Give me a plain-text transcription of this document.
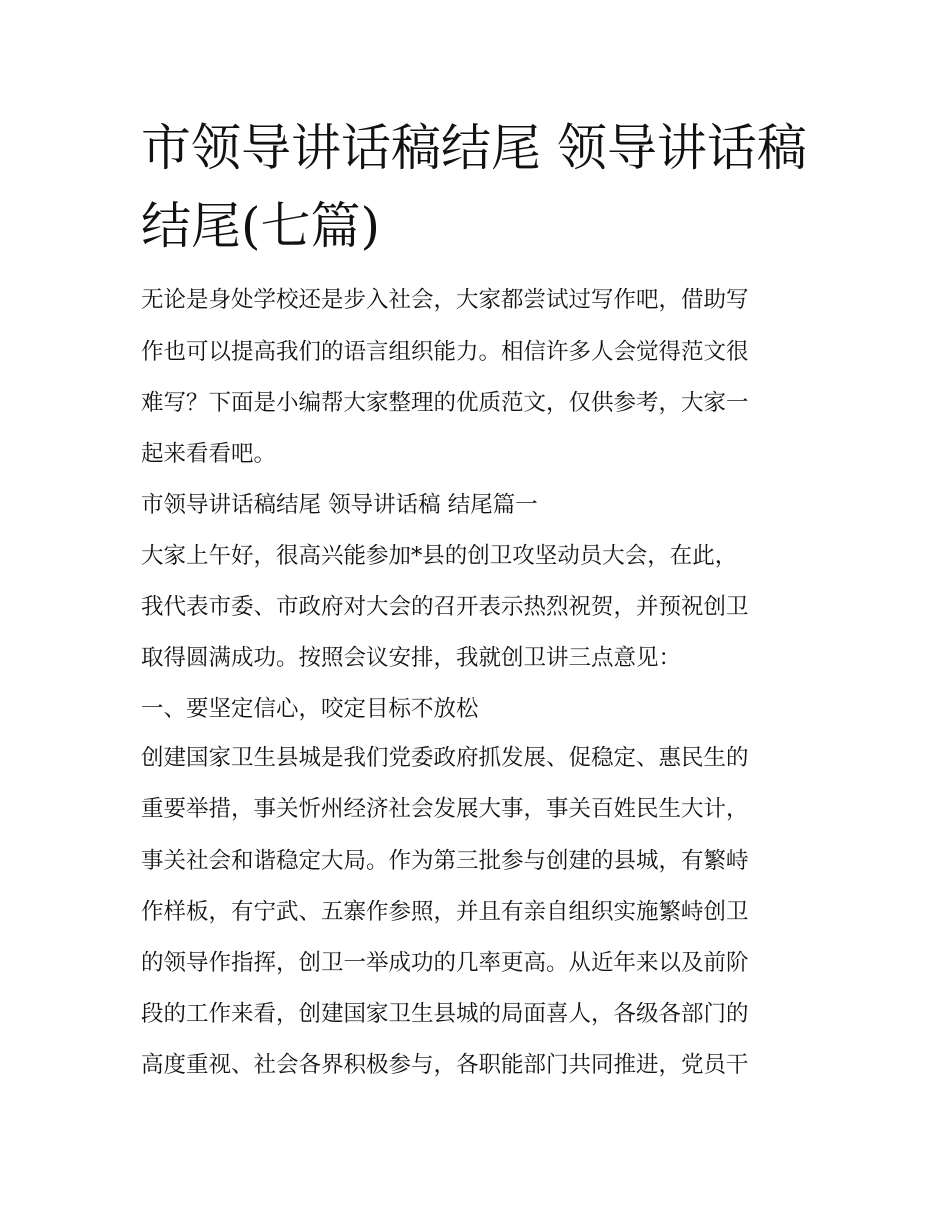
市领导讲话稿结尾 领导讲话稿
结尾(七篇)

无论是身处学校还是步入社会，大家都尝试过写作吧，借助写

作也可以提高我们的语言组织能力。相信许多人会觉得范文很

难写？下面是小编帮大家整理的优质范文，仅供参考，大家一

起来看看吧。

市领导讲话稿结尾 领导讲话稿 结尾篇一

大家上午好，很高兴能参加*县的创卫攻坚动员大会，在此，

我代表市委、市政府对大会的召开表示热烈祝贺，并预祝创卫

取得圆满成功。按照会议安排，我就创卫讲三点意见：

一、要坚定信心，咬定目标不放松

创建国家卫生县城是我们党委政府抓发展、促稳定、惠民生的

重要举措，事关忻州经济社会发展大事，事关百姓民生大计，

事关社会和谐稳定大局。作为第三批参与创建的县城，有繁峙

作样板，有宁武、五寨作参照，并且有亲自组织实施繁峙创卫

的领导作指挥，创卫一举成功的几率更高。从近年来以及前阶

段的工作来看，创建国家卫生县城的局面喜人，各级各部门的

高度重视、社会各界积极参与，各职能部门共同推进，党员干
